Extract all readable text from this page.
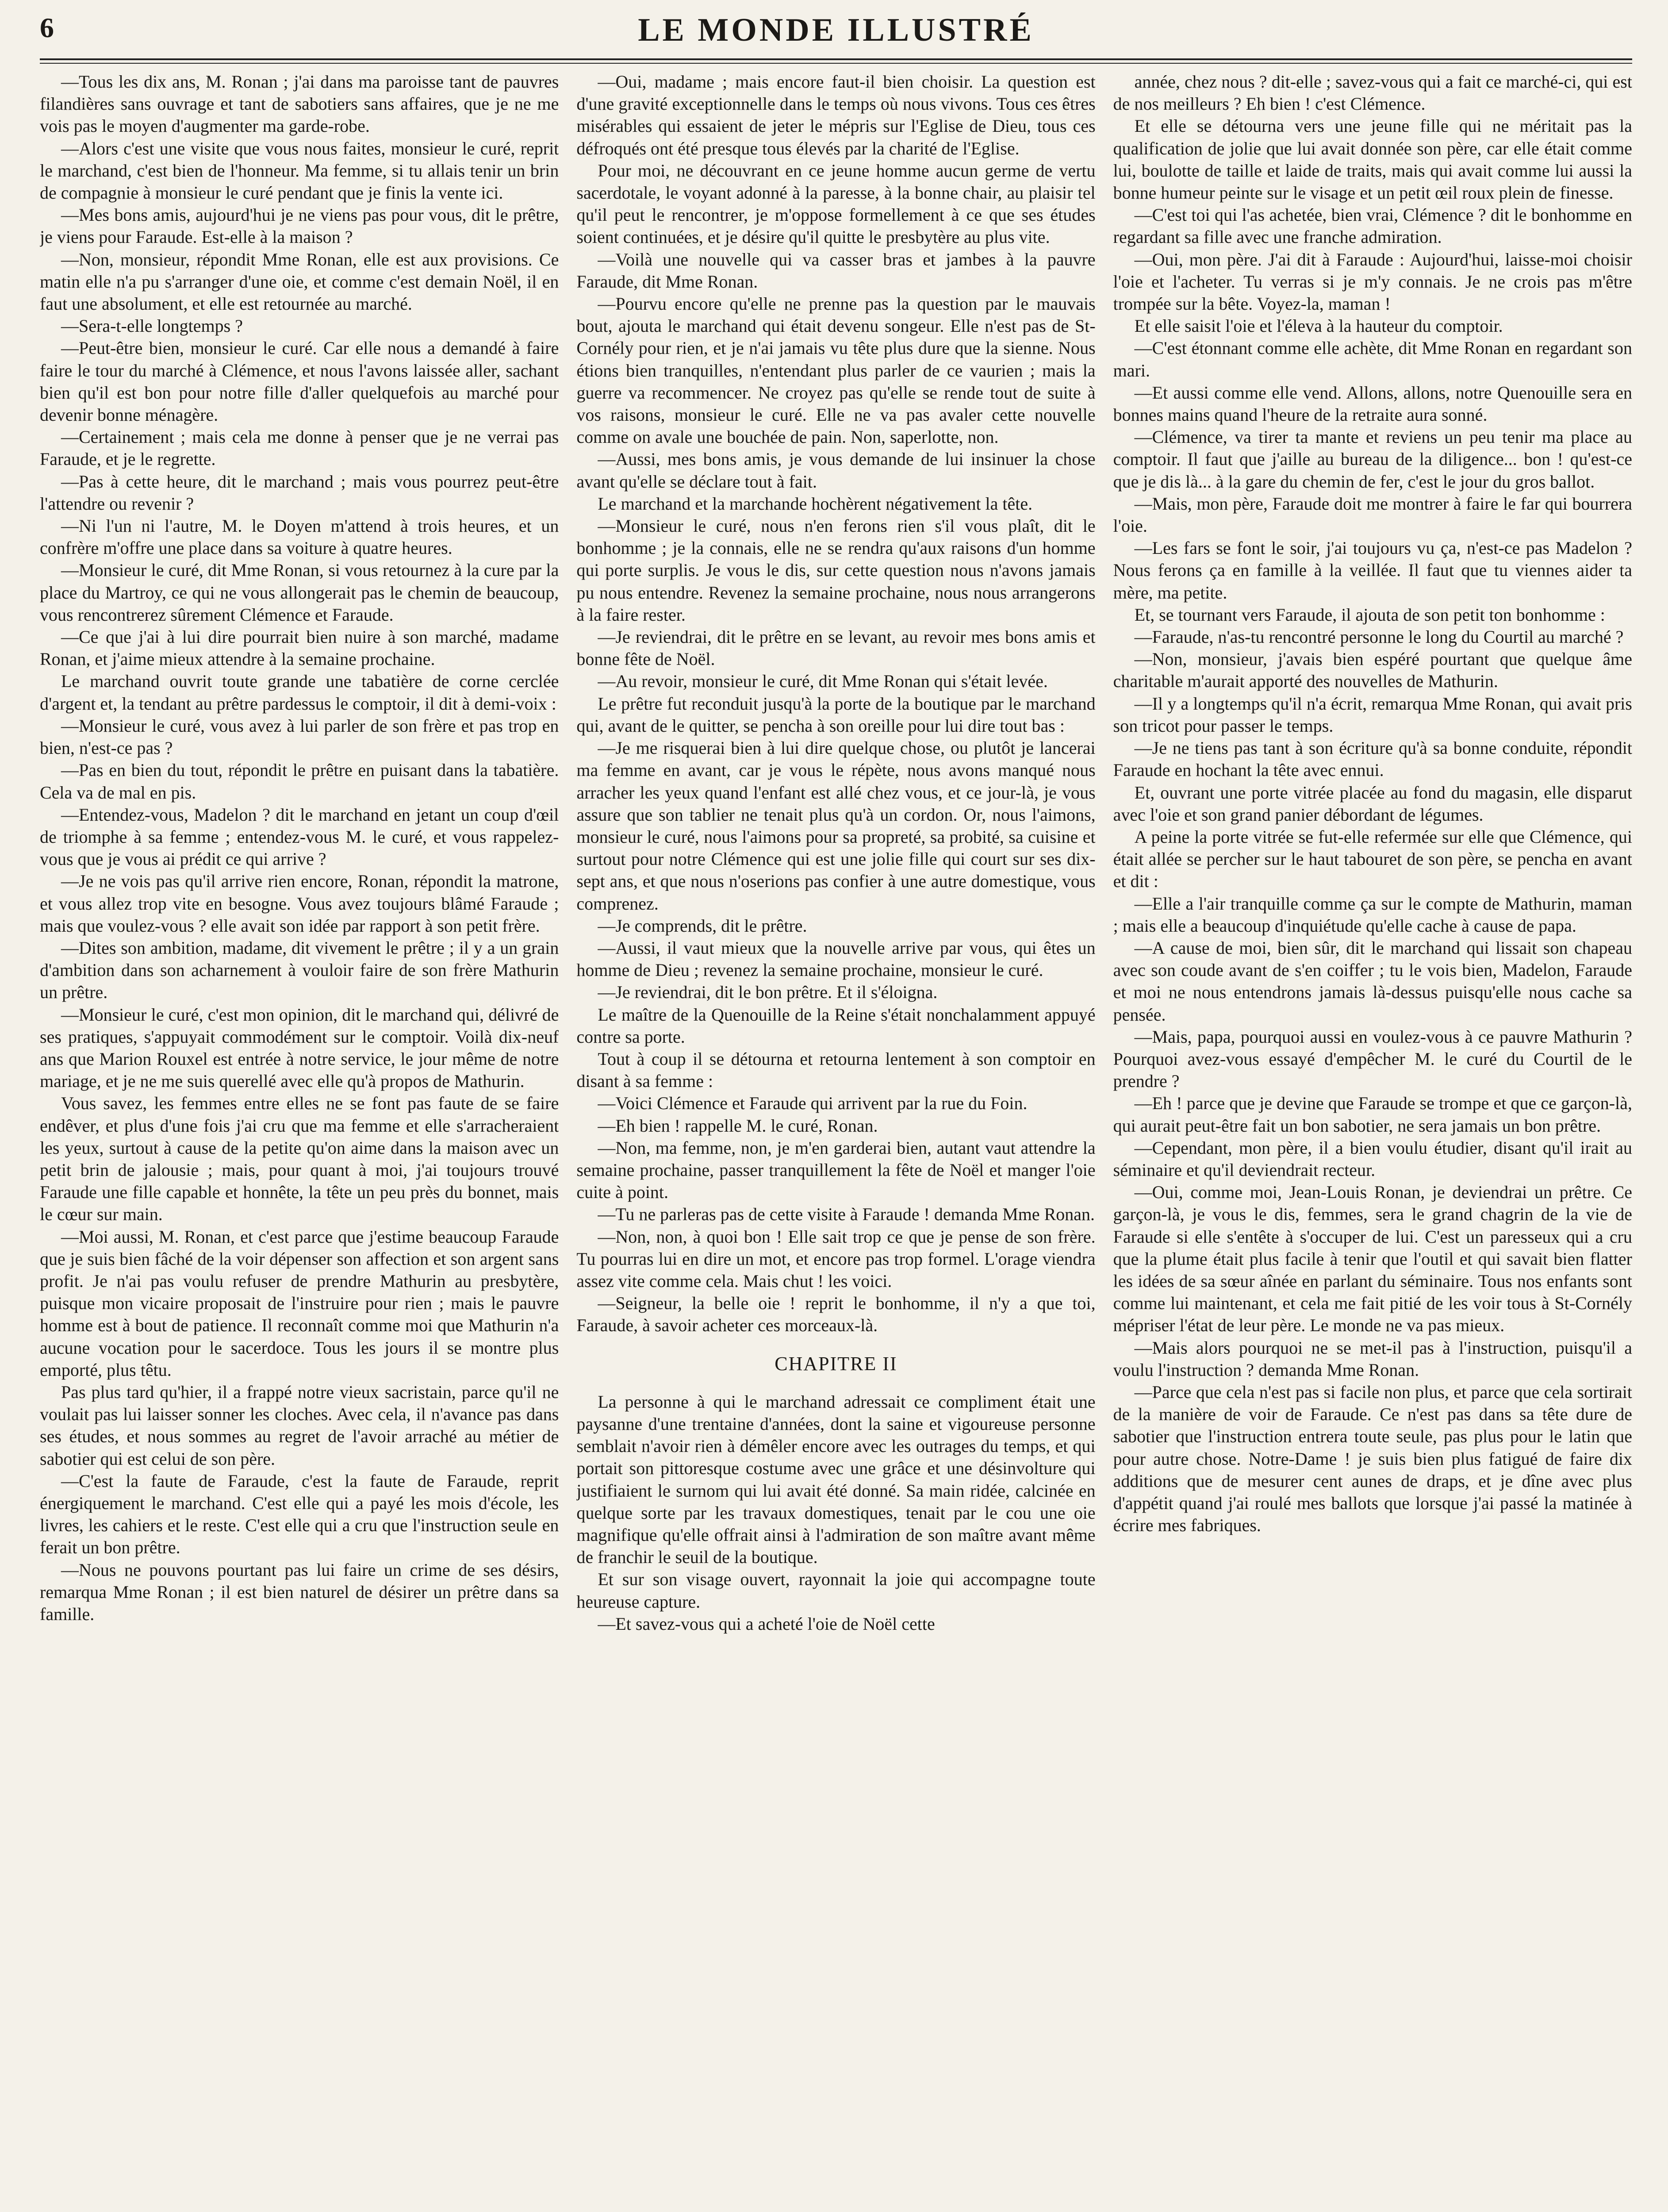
6	LE MONDE ILLUSTRÉ

—Tous les dix ans, M. Ronan ; j'ai dans ma paroisse tant de pauvres filandières sans ouvrage et tant de sabotiers sans affaires, que je ne me vois pas le moyen d'augmenter ma garde-robe.

—Alors c'est une visite que vous nous faites, monsieur le curé, reprit le marchand, c'est bien de l'honneur. Ma femme, si tu allais tenir un brin de compagnie à monsieur le curé pendant que je finis la vente ici.

—Mes bons amis, aujourd'hui je ne viens pas pour vous, dit le prêtre, je viens pour Faraude. Est-elle à la maison ?

—Non, monsieur, répondit Mme Ronan, elle est aux provisions. Ce matin elle n'a pu s'arranger d'une oie, et comme c'est demain Noël, il en faut une absolument, et elle est retournée au marché.

—Sera-t-elle longtemps ?

—Peut-être bien, monsieur le curé. Car elle nous a demandé à faire faire le tour du marché à Clémence, et nous l'avons laissée aller, sachant bien qu'il est bon pour notre fille d'aller quelquefois au marché pour devenir bonne ménagère.

—Certainement ; mais cela me donne à penser que je ne verrai pas Faraude, et je le regrette.

—Pas à cette heure, dit le marchand ; mais vous pourrez peut-être l'attendre ou revenir ?

—Ni l'un ni l'autre, M. le Doyen m'attend à trois heures, et un confrère m'offre une place dans sa voiture à quatre heures.

—Monsieur le curé, dit Mme Ronan, si vous retournez à la cure par la place du Martroy, ce qui ne vous allongerait pas le chemin de beaucoup, vous rencontrerez sûrement Clémence et Faraude.

—Ce que j'ai à lui dire pourrait bien nuire à son marché, madame Ronan, et j'aime mieux attendre à la semaine prochaine.

Le marchand ouvrit toute grande une tabatière de corne cerclée d'argent et, la tendant au prêtre pardessus le comptoir, il dit à demi-voix :

—Monsieur le curé, vous avez à lui parler de son frère et pas trop en bien, n'est-ce pas ?

—Pas en bien du tout, répondit le prêtre en puisant dans la tabatière. Cela va de mal en pis.

—Entendez-vous, Madelon ? dit le marchand en jetant un coup d'œil de triomphe à sa femme ; entendez-vous M. le curé, et vous rappelez-vous que je vous ai prédit ce qui arrive ?

—Je ne vois pas qu'il arrive rien encore, Ronan, répondit la matrone, et vous allez trop vite en besogne. Vous avez toujours blâmé Faraude ; mais que voulez-vous ? elle avait son idée par rapport à son petit frère.

—Dites son ambition, madame, dit vivement le prêtre ; il y a un grain d'ambition dans son acharnement à vouloir faire de son frère Mathurin un prêtre.

—Monsieur le curé, c'est mon opinion, dit le marchand qui, délivré de ses pratiques, s'appuyait commodément sur le comptoir. Voilà dix-neuf ans que Marion Rouxel est entrée à notre service, le jour même de notre mariage, et je ne me suis querellé avec elle qu'à propos de Mathurin.

Vous savez, les femmes entre elles ne se font pas faute de se faire endêver, et plus d'une fois j'ai cru que ma femme et elle s'arracheraient les yeux, surtout à cause de la petite qu'on aime dans la maison avec un petit brin de jalousie ; mais, pour quant à moi, j'ai toujours trouvé Faraude une fille capable et honnête, la tête un peu près du bonnet, mais le cœur sur main.

—Moi aussi, M. Ronan, et c'est parce que j'estime beaucoup Faraude que je suis bien fâché de la voir dépenser son affection et son argent sans profit. Je n'ai pas voulu refuser de prendre Mathurin au presbytère, puisque mon vicaire proposait de l'instruire pour rien ; mais le pauvre homme est à bout de patience. Il reconnaît comme moi que Mathurin n'a aucune vocation pour le sacerdoce. Tous les jours il se montre plus emporté, plus têtu.

Pas plus tard qu'hier, il a frappé notre vieux sacristain, parce qu'il ne voulait pas lui laisser sonner les cloches. Avec cela, il n'avance pas dans ses études, et nous sommes au regret de l'avoir arraché au métier de sabotier qui est celui de son père.

—C'est la faute de Faraude, c'est la faute de Faraude, reprit énergiquement le marchand. C'est elle qui a payé les mois d'école, les livres, les cahiers et le reste. C'est elle qui a cru que l'instruction seule en ferait un bon prêtre.

—Nous ne pouvons pourtant pas lui faire un crime de ses désirs, remarqua Mme Ronan ; il est bien naturel de désirer un prêtre dans sa famille.

—Oui, madame ; mais encore faut-il bien choisir. La question est d'une gravité exceptionnelle dans le temps où nous vivons. Tous ces êtres misérables qui essaient de jeter le mépris sur l'Eglise de Dieu, tous ces défroqués ont été presque tous élevés par la charité de l'Eglise.

Pour moi, ne découvrant en ce jeune homme aucun germe de vertu sacerdotale, le voyant adonné à la paresse, à la bonne chair, au plaisir tel qu'il peut le rencontrer, je m'oppose formellement à ce que ses études soient continuées, et je désire qu'il quitte le presbytère au plus vite.

—Voilà une nouvelle qui va casser bras et jambes à la pauvre Faraude, dit Mme Ronan.

—Pourvu encore qu'elle ne prenne pas la question par le mauvais bout, ajouta le marchand qui était devenu songeur. Elle n'est pas de St-Cornély pour rien, et je n'ai jamais vu tête plus dure que la sienne. Nous étions bien tranquilles, n'entendant plus parler de ce vaurien ; mais la guerre va recommencer. Ne croyez pas qu'elle se rende tout de suite à vos raisons, monsieur le curé. Elle ne va pas avaler cette nouvelle comme on avale une bouchée de pain. Non, saperlotte, non.

—Aussi, mes bons amis, je vous demande de lui insinuer la chose avant qu'elle se déclare tout à fait.

Le marchand et la marchande hochèrent négativement la tête.

—Monsieur le curé, nous n'en ferons rien s'il vous plaît, dit le bonhomme ; je la connais, elle ne se rendra qu'aux raisons d'un homme qui porte surplis. Je vous le dis, sur cette question nous n'avons jamais pu nous entendre. Revenez la semaine prochaine, nous nous arrangerons à la faire rester.

—Je reviendrai, dit le prêtre en se levant, au revoir mes bons amis et bonne fête de Noël.

—Au revoir, monsieur le curé, dit Mme Ronan qui s'était levée.

Le prêtre fut reconduit jusqu'à la porte de la boutique par le marchand qui, avant de le quitter, se pencha à son oreille pour lui dire tout bas :

—Je me risquerai bien à lui dire quelque chose, ou plutôt je lancerai ma femme en avant, car je vous le répète, nous avons manqué nous arracher les yeux quand l'enfant est allé chez vous, et ce jour-là, je vous assure que son tablier ne tenait plus qu'à un cordon. Or, nous l'aimons, monsieur le curé, nous l'aimons pour sa propreté, sa probité, sa cuisine et surtout pour notre Clémence qui est une jolie fille qui court sur ses dix-sept ans, et que nous n'oserions pas confier à une autre domestique, vous comprenez.

—Je comprends, dit le prêtre.

—Aussi, il vaut mieux que la nouvelle arrive par vous, qui êtes un homme de Dieu ; revenez la semaine prochaine, monsieur le curé.

—Je reviendrai, dit le bon prêtre. Et il s'éloigna.

Le maître de la Quenouille de la Reine s'était nonchalamment appuyé contre sa porte.

Tout à coup il se détourna et retourna lentement à son comptoir en disant à sa femme :

—Voici Clémence et Faraude qui arrivent par la rue du Foin.

—Eh bien ! rappelle M. le curé, Ronan.

—Non, ma femme, non, je m'en garderai bien, autant vaut attendre la semaine prochaine, passer tranquillement la fête de Noël et manger l'oie cuite à point.

—Tu ne parleras pas de cette visite à Faraude ! demanda Mme Ronan.

—Non, non, à quoi bon ! Elle sait trop ce que je pense de son frère. Tu pourras lui en dire un mot, et encore pas trop formel. L'orage viendra assez vite comme cela. Mais chut ! les voici.

—Seigneur, la belle oie ! reprit le bonhomme, il n'y a que toi, Faraude, à savoir acheter ces morceaux-là.

CHAPITRE II

La personne à qui le marchand adressait ce compliment était une paysanne d'une trentaine d'années, dont la saine et vigoureuse personne semblait n'avoir rien à démêler encore avec les outrages du temps, et qui portait son pittoresque costume avec une grâce et une désinvolture qui justifiaient le surnom qui lui avait été donné. Sa main ridée, calcinée en quelque sorte par les travaux domestiques, tenait par le cou une oie magnifique qu'elle offrait ainsi à l'admiration de son maître avant même de franchir le seuil de la boutique.

Et sur son visage ouvert, rayonnait la joie qui accompagne toute heureuse capture.

—Et savez-vous qui a acheté l'oie de Noël cette

année, chez nous ? dit-elle ; savez-vous qui a fait ce marché-ci, qui est de nos meilleurs ? Eh bien ! c'est Clémence.

Et elle se détourna vers une jeune fille qui ne méritait pas la qualification de jolie que lui avait donnée son père, car elle était comme lui, boulotte de taille et laide de traits, mais qui avait comme lui aussi la bonne humeur peinte sur le visage et un petit œil roux plein de finesse.

—C'est toi qui l'as achetée, bien vrai, Clémence ? dit le bonhomme en regardant sa fille avec une franche admiration.

—Oui, mon père. J'ai dit à Faraude : Aujourd'hui, laisse-moi choisir l'oie et l'acheter. Tu verras si je m'y connais. Je ne crois pas m'être trompée sur la bête. Voyez-la, maman !

Et elle saisit l'oie et l'éleva à la hauteur du comptoir.

—C'est étonnant comme elle achète, dit Mme Ronan en regardant son mari.

—Et aussi comme elle vend. Allons, allons, notre Quenouille sera en bonnes mains quand l'heure de la retraite aura sonné.

—Clémence, va tirer ta mante et reviens un peu tenir ma place au comptoir. Il faut que j'aille au bureau de la diligence... bon ! qu'est-ce que je dis là... à la gare du chemin de fer, c'est le jour du gros ballot.

—Mais, mon père, Faraude doit me montrer à faire le far qui bourrera l'oie.

—Les fars se font le soir, j'ai toujours vu ça, n'est-ce pas Madelon ? Nous ferons ça en famille à la veillée. Il faut que tu viennes aider ta mère, ma petite.

Et, se tournant vers Faraude, il ajouta de son petit ton bonhomme :

—Faraude, n'as-tu rencontré personne le long du Courtil au marché ?

—Non, monsieur, j'avais bien espéré pourtant que quelque âme charitable m'aurait apporté des nouvelles de Mathurin.

—Il y a longtemps qu'il n'a écrit, remarqua Mme Ronan, qui avait pris son tricot pour passer le temps.

—Je ne tiens pas tant à son écriture qu'à sa bonne conduite, répondit Faraude en hochant la tête avec ennui.

Et, ouvrant une porte vitrée placée au fond du magasin, elle disparut avec l'oie et son grand panier débordant de légumes.

A peine la porte vitrée se fut-elle refermée sur elle que Clémence, qui était allée se percher sur le haut tabouret de son père, se pencha en avant et dit :

—Elle a l'air tranquille comme ça sur le compte de Mathurin, maman ; mais elle a beaucoup d'inquiétude qu'elle cache à cause de papa.

—A cause de moi, bien sûr, dit le marchand qui lissait son chapeau avec son coude avant de s'en coiffer ; tu le vois bien, Madelon, Faraude et moi ne nous entendrons jamais là-dessus puisqu'elle nous cache sa pensée.

—Mais, papa, pourquoi aussi en voulez-vous à ce pauvre Mathurin ? Pourquoi avez-vous essayé d'empêcher M. le curé du Courtil de le prendre ?

—Eh ! parce que je devine que Faraude se trompe et que ce garçon-là, qui aurait peut-être fait un bon sabotier, ne sera jamais un bon prêtre.

—Cependant, mon père, il a bien voulu étudier, disant qu'il irait au séminaire et qu'il deviendrait recteur.

—Oui, comme moi, Jean-Louis Ronan, je deviendrai un prêtre. Ce garçon-là, je vous le dis, femmes, sera le grand chagrin de la vie de Faraude si elle s'entête à s'occuper de lui. C'est un paresseux qui a cru que la plume était plus facile à tenir que l'outil et qui savait bien flatter les idées de sa sœur aînée en parlant du séminaire. Tous nos enfants sont comme lui maintenant, et cela me fait pitié de les voir tous à St-Cornély mépriser l'état de leur père. Le monde ne va pas mieux.

—Mais alors pourquoi ne se met-il pas à l'instruction, puisqu'il a voulu l'instruction ? demanda Mme Ronan.

—Parce que cela n'est pas si facile non plus, et parce que cela sortirait de la manière de voir de Faraude. Ce n'est pas dans sa tête dure de sabotier que l'instruction entrera toute seule, pas plus pour le latin que pour autre chose. Notre-Dame ! je suis bien plus fatigué de faire dix additions que de mesurer cent aunes de draps, et je dîne avec plus d'appétit quand j'ai roulé mes ballots que lorsque j'ai passé la matinée à écrire mes fabriques.
